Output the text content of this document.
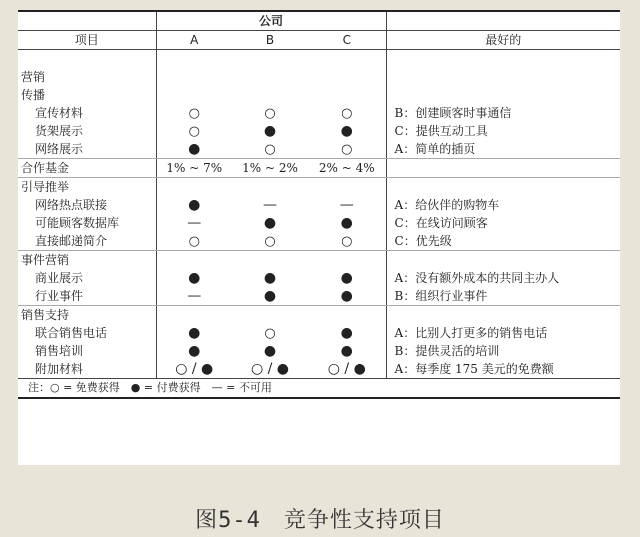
	公司			
项目	A	B	C	最好的

营销				
传播				
宣传材料	○	○	○	B：创建顾客时事通信
货架展示	○	●	●	C：提供互动工具
网络展示	●	○	○	A：简单的插页
合作基金	1% ~ 7%	1% ~ 2%	2% ~ 4%	
引导推举				
网络热点联接	●	—	—	A：给伙伴的购物车
可能顾客数据库	—	●	●	C：在线访问顾客
直接邮递简介	○	○	○	C：优先级
事件营销				
商业展示	●	●	●	A：没有额外成本的共同主办人
行业事件	—	●	●	B：组织行业事件
销售支持				
联合销售电话	●	○	●	A：比别人打更多的销售电话
销售培训	●	●	●	B：提供灵活的培训
附加材料	○ / ●	○ / ●	○ / ●	A：每季度 175 美元的免费额
注：○ = 免费获得　● = 付费获得　— = 不可用				
图5-4　竞争性支持项目
